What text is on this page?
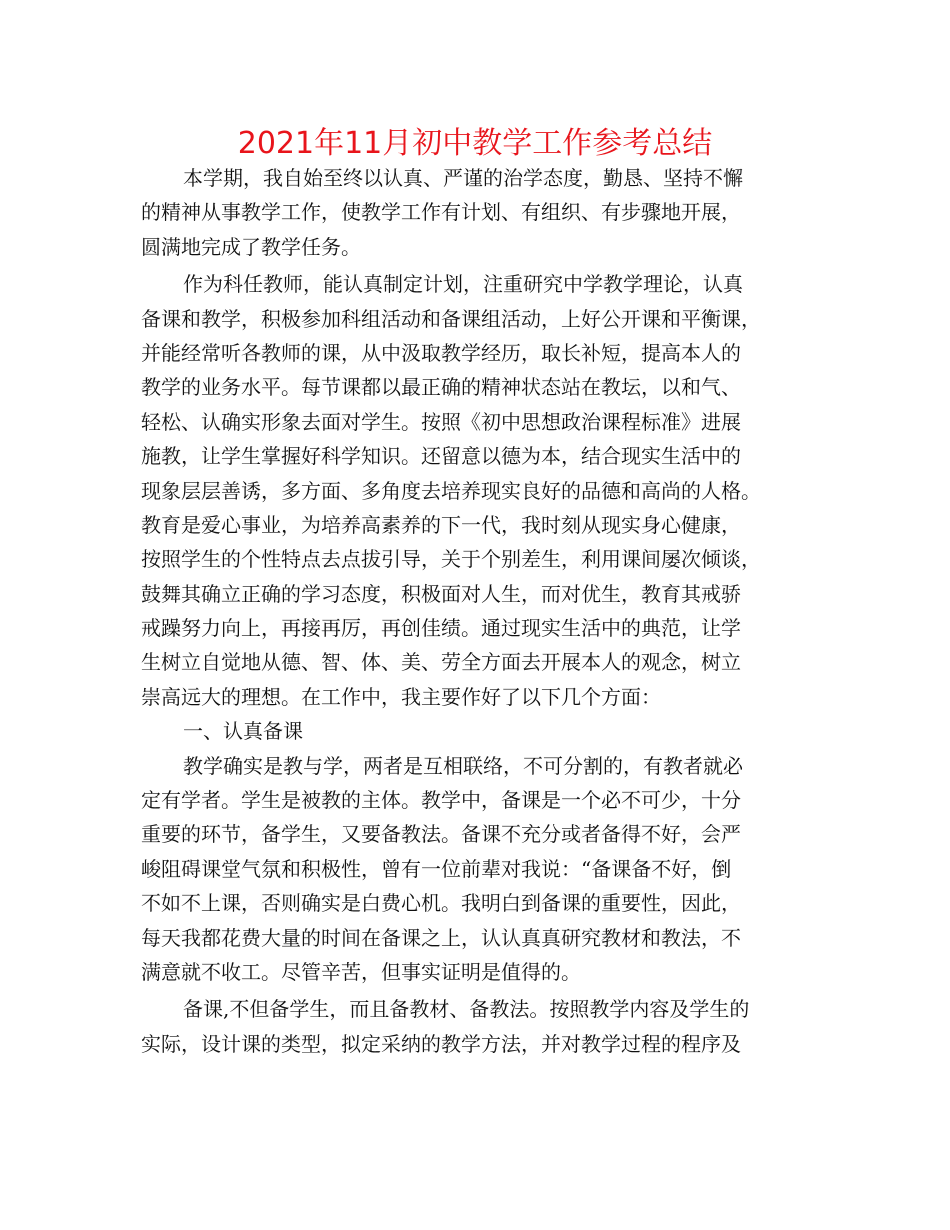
2021年11月初中教学工作参考总结
本学期，我自始至终以认真、严谨的治学态度，勤恳、坚持不懈
的精神从事教学工作，使教学工作有计划、有组织、有步骤地开展，
圆满地完成了教学任务。
作为科任教师，能认真制定计划，注重研究中学教学理论，认真
备课和教学，积极参加科组活动和备课组活动，上好公开课和平衡课，
并能经常听各教师的课，从中汲取教学经历，取长补短，提高本人的
教学的业务水平。每节课都以最正确的精神状态站在教坛，以和气、
轻松、认确实形象去面对学生。按照《初中思想政治课程标准》进展
施教，让学生掌握好科学知识。还留意以德为本，结合现实生活中的
现象层层善诱，多方面、多角度去培养现实良好的品德和高尚的人格。
教育是爱心事业，为培养高素养的下一代，我时刻从现实身心健康，
按照学生的个性特点去点拔引导，关于个别差生，利用课间屡次倾谈，
鼓舞其确立正确的学习态度，积极面对人生，而对优生，教育其戒骄
戒躁努力向上，再接再厉，再创佳绩。通过现实生活中的典范，让学
生树立自觉地从德、智、体、美、劳全方面去开展本人的观念，树立
崇高远大的理想。在工作中，我主要作好了以下几个方面：
一、认真备课
教学确实是教与学，两者是互相联络，不可分割的，有教者就必
定有学者。学生是被教的主体。教学中，备课是一个必不可少，十分
重要的环节，备学生，又要备教法。备课不充分或者备得不好，会严
峻阻碍课堂气氛和积极性，曾有一位前辈对我说：“备课备不好，倒
不如不上课，否则确实是白费心机。我明白到备课的重要性，因此，
每天我都花费大量的时间在备课之上，认认真真研究教材和教法，不
满意就不收工。尽管辛苦，但事实证明是值得的。
备课,不但备学生，而且备教材、备教法。按照教学内容及学生的
实际，设计课的类型，拟定采纳的教学方法，并对教学过程的程序及
